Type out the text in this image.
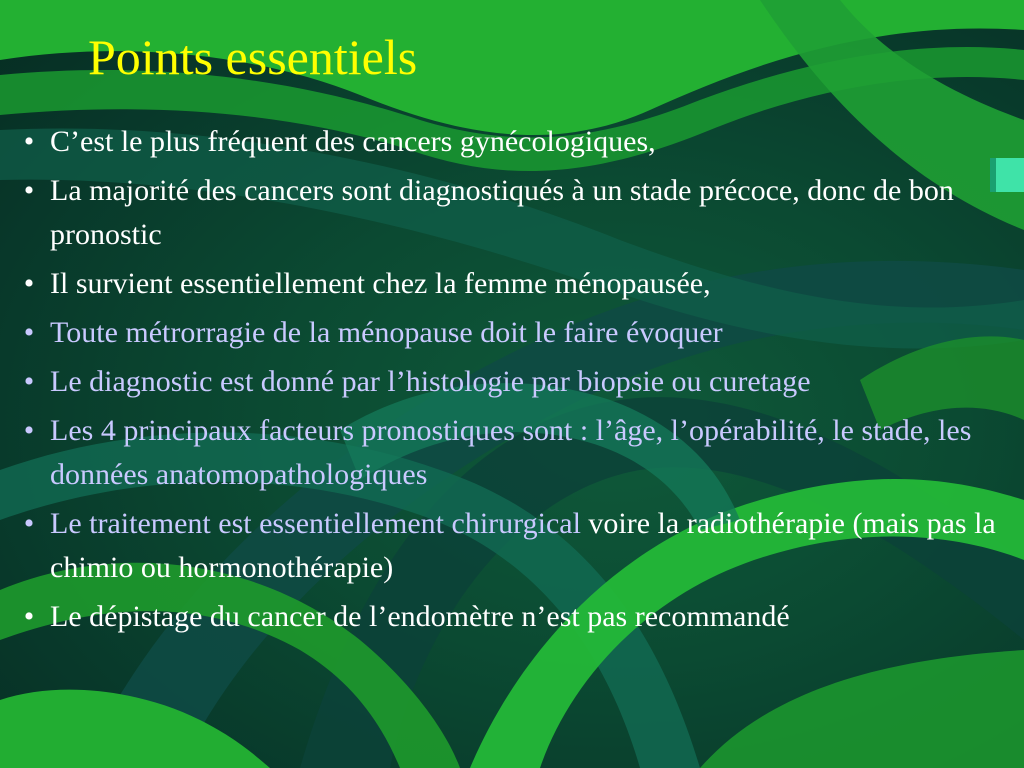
Points essentiels
• C’est le plus fréquent des cancers gynécologiques,
• La majorité des cancers sont diagnostiqués à un stade précoce, donc de bon pronostic
• Il survient essentiellement chez la femme ménopausée,
• Toute métrorragie de la ménopause doit le faire évoquer
• Le diagnostic est donné par l’histologie par biopsie ou curetage
• Les 4 principaux facteurs pronostiques sont : l’âge, l’opérabilité, le stade, les données anatomopathologiques
• Le traitement est essentiellement chirurgical voire la radiothérapie (mais pas la chimio ou hormonothérapie)
• Le dépistage du cancer de l’endomètre n’est pas recommandé
